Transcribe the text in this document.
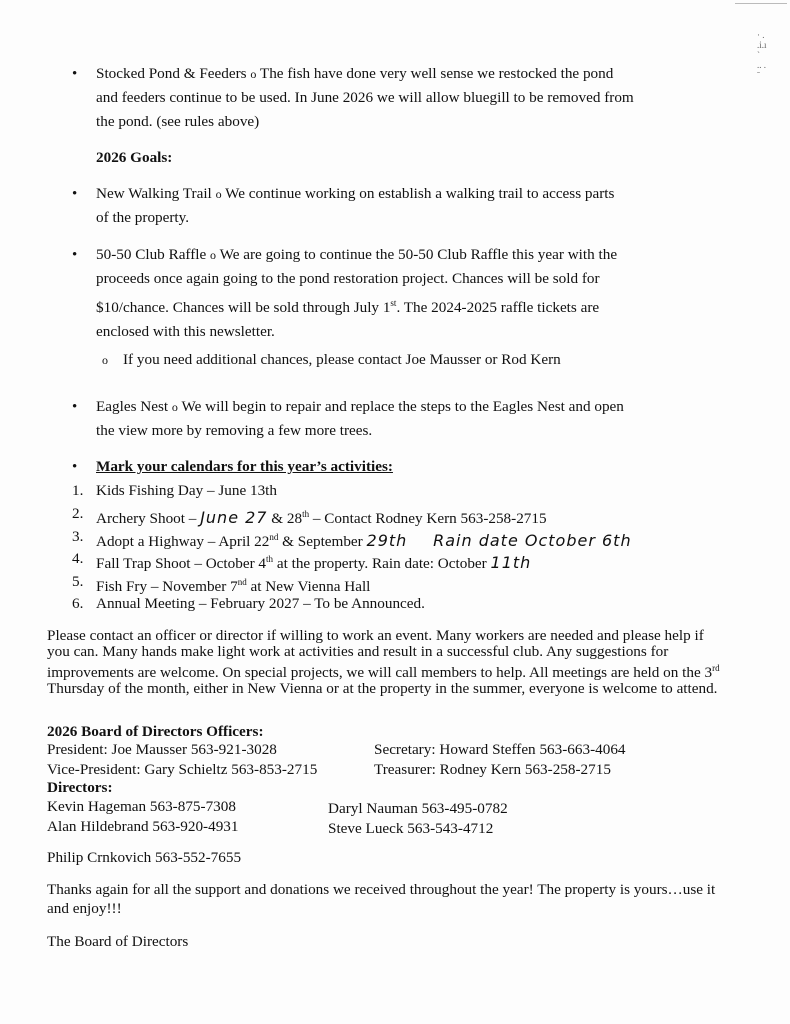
· .
.i.ı
ˋ
.. .
ˉ
• Stocked Pond & Feeders o The fish have done very well sense we restocked the pond
and feeders continue to be used. In June 2026 we will allow bluegill to be removed from
the pond. (see rules above)
2026 Goals:
• New Walking Trail o We continue working on establish a walking trail to access parts
of the property.
• 50-50 Club Raffle o We are going to continue the 50-50 Club Raffle this year with the
proceeds once again going to the pond restoration project. Chances will be sold for
$10/chance. Chances will be sold through July 1st. The 2024-2025 raffle tickets are
enclosed with this newsletter.
o If you need additional chances, please contact Joe Mausser or Rod Kern
• Eagles Nest o We will begin to repair and replace the steps to the Eagles Nest and open
the view more by removing a few more trees.
• Mark your calendars for this year’s activities:
1. Kids Fishing Day – June 13th
2. Archery Shoot – June 27 & 28th – Contact Rodney Kern 563-258-2715
3. Adopt a Highway – April 22nd & September 29th Rain date October 6th
4. Fall Trap Shoot – October 4th at the property. Rain date: October 11th
5. Fish Fry – November 7nd at New Vienna Hall
6. Annual Meeting – February 2027 – To be Announced.
Please contact an officer or director if willing to work an event. Many workers are needed and please help if
you can. Many hands make light work at activities and result in a successful club. Any suggestions for
improvements are welcome. On special projects, we will call members to help. All meetings are held on the 3rd
Thursday of the month, either in New Vienna or at the property in the summer, everyone is welcome to attend.
2026 Board of Directors Officers:
President: Joe Mausser 563-921-3028	Secretary: Howard Steffen 563-663-4064
Vice-President: Gary Schieltz 563-853-2715	Treasurer: Rodney Kern 563-258-2715
Directors:
Kevin Hageman 563-875-7308	Daryl Nauman 563-495-0782
Alan Hildebrand 563-920-4931	Steve Lueck 563-543-4712
Philip Crnkovich 563-552-7655
Thanks again for all the support and donations we received throughout the year! The property is yours…use it
and enjoy!!!
The Board of Directors
